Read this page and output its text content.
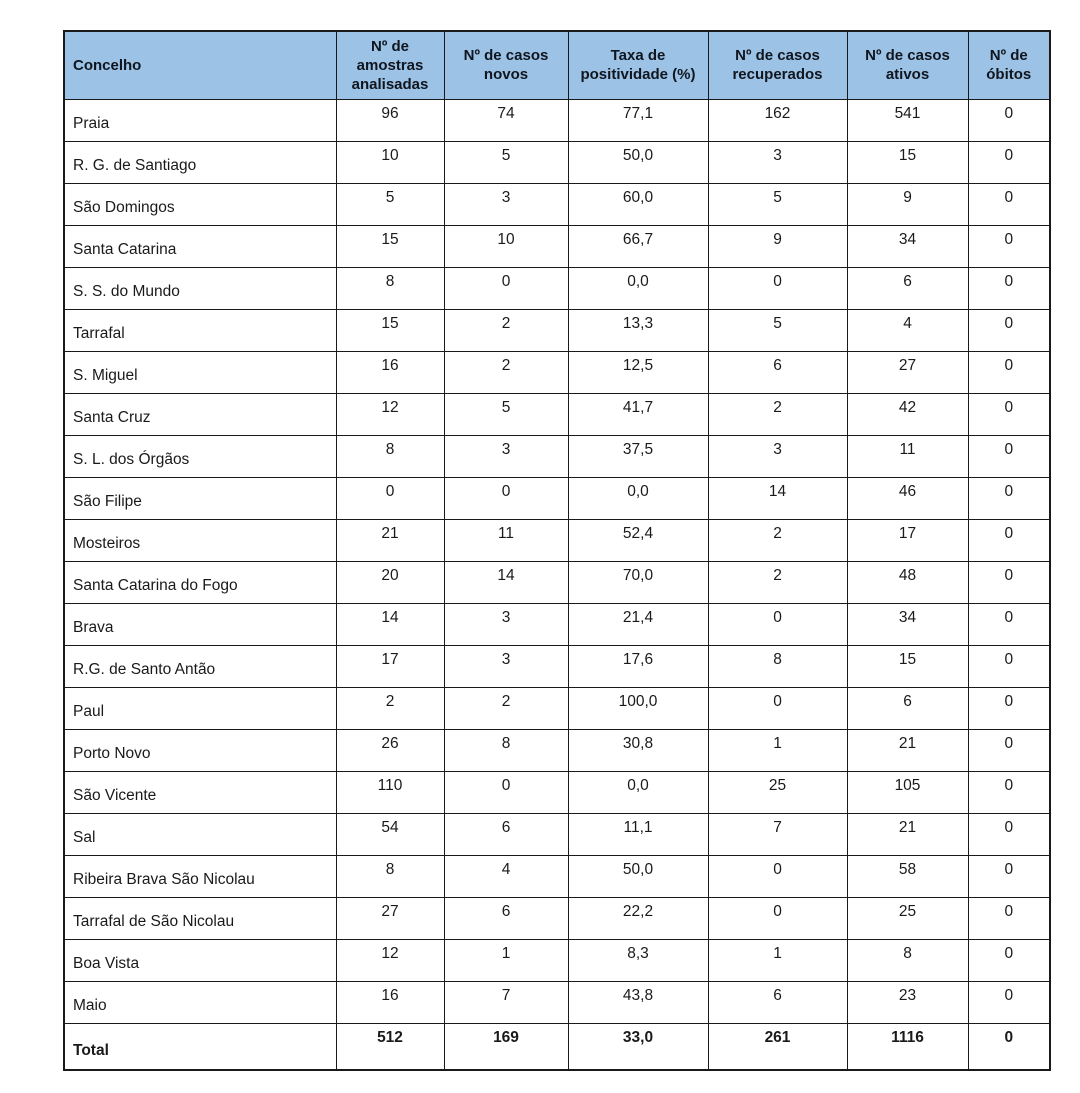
Concelho	Nº de amostras analisadas	Nº de casos novos	Taxa de positividade (%)	Nº de casos recuperados	Nº de casos ativos	Nº de óbitos
Praia	96	74	77,1	162	541	0
R. G. de Santiago	10	5	50,0	3	15	0
São Domingos	5	3	60,0	5	9	0
Santa Catarina	15	10	66,7	9	34	0
S. S. do Mundo	8	0	0,0	0	6	0
Tarrafal	15	2	13,3	5	4	0
S. Miguel	16	2	12,5	6	27	0
Santa Cruz	12	5	41,7	2	42	0
S. L. dos Órgãos	8	3	37,5	3	11	0
São Filipe	0	0	0,0	14	46	0
Mosteiros	21	11	52,4	2	17	0
Santa Catarina do Fogo	20	14	70,0	2	48	0
Brava	14	3	21,4	0	34	0
R.G. de Santo Antão	17	3	17,6	8	15	0
Paul	2	2	100,0	0	6	0
Porto Novo	26	8	30,8	1	21	0
São Vicente	110	0	0,0	25	105	0
Sal	54	6	11,1	7	21	0
Ribeira Brava São Nicolau	8	4	50,0	0	58	0
Tarrafal de São Nicolau	27	6	22,2	0	25	0
Boa Vista	12	1	8,3	1	8	0
Maio	16	7	43,8	6	23	0
Total	512	169	33,0	261	1116	0
